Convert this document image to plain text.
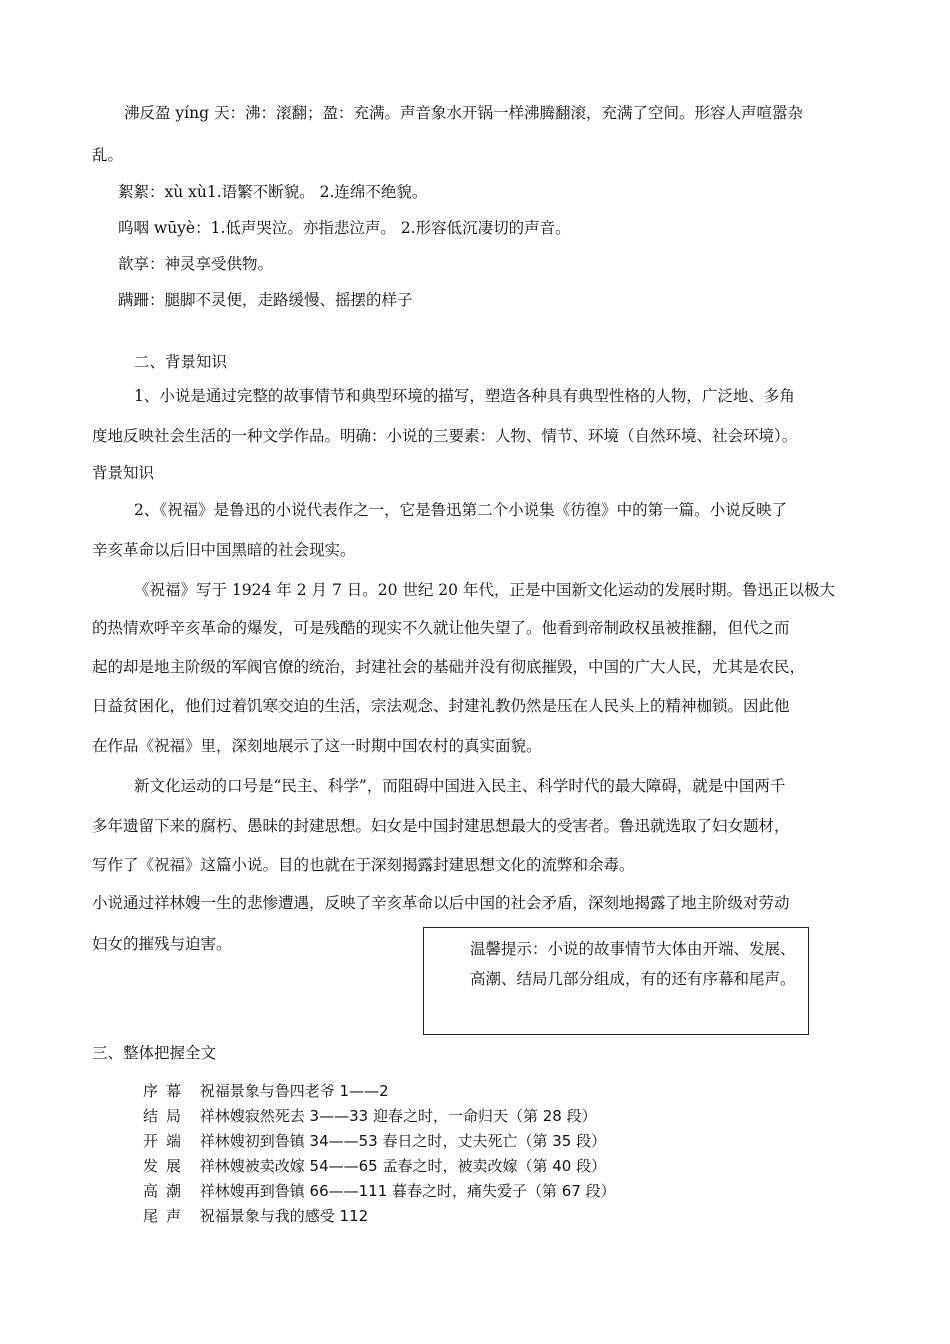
沸反盈 yíng 天：沸：滚翻；盈：充满。声音象水开锅一样沸腾翻滚，充满了空间。形容人声喧嚣杂
乱。
絮絮：xù xù1.语繁不断貌。 2.连绵不绝貌。
呜咽 wūyè：1.低声哭泣。亦指悲泣声。 2.形容低沉凄切的声音。
歆享：神灵享受供物。
蹒跚：腿脚不灵便，走路缓慢、摇摆的样子
二、背景知识
1、小说是通过完整的故事情节和典型环境的描写，塑造各种具有典型性格的人物，广泛地、多角
度地反映社会生活的一种文学作品。明确：小说的三要素：人物、情节、环境（自然环境、社会环境）。
背景知识
2、《祝福》是鲁迅的小说代表作之一，它是鲁迅第二个小说集《彷徨》中的第一篇。小说反映了
辛亥革命以后旧中国黑暗的社会现实。
《祝福》写于 1924 年 2 月 7 日。20 世纪 20 年代，正是中国新文化运动的发展时期。鲁迅正以极大
的热情欢呼辛亥革命的爆发，可是残酷的现实不久就让他失望了。他看到帝制政权虽被推翻，但代之而
起的却是地主阶级的军阀官僚的统治，封建社会的基础并没有彻底摧毁，中国的广大人民，尤其是农民，
日益贫困化，他们过着饥寒交迫的生活，宗法观念、封建礼教仍然是压在人民头上的精神枷锁。因此他
在作品《祝福》里，深刻地展示了这一时期中国农村的真实面貌。
新文化运动的口号是“民主、科学”，而阻碍中国进入民主、科学时代的最大障碍，就是中国两千
多年遗留下来的腐朽、愚昧的封建思想。妇女是中国封建思想最大的受害者。鲁迅就选取了妇女题材，
写作了《祝福》这篇小说。目的也就在于深刻揭露封建思想文化的流弊和余毒。
小说通过祥林嫂一生的悲惨遭遇，反映了辛亥革命以后中国的社会矛盾，深刻地揭露了地主阶级对劳动
妇女的摧残与迫害。	温馨提示：小说的故事情节大体由开端、发展、高潮、结局几部分组成，有的还有序幕和尾声。
三、整体把握全文
序幕 祝福景象与鲁四老爷 1——2
结局 祥林嫂寂然死去 3——33 迎春之时，一命归天（第 28 段）
开端 祥林嫂初到鲁镇 34——53 春日之时，丈夫死亡（第 35 段）
发展 祥林嫂被卖改嫁 54——65 孟春之时，被卖改嫁（第 40 段）
高潮 祥林嫂再到鲁镇 66——111 暮春之时，痛失爱子（第 67 段）
尾声 祝福景象与我的感受 112
